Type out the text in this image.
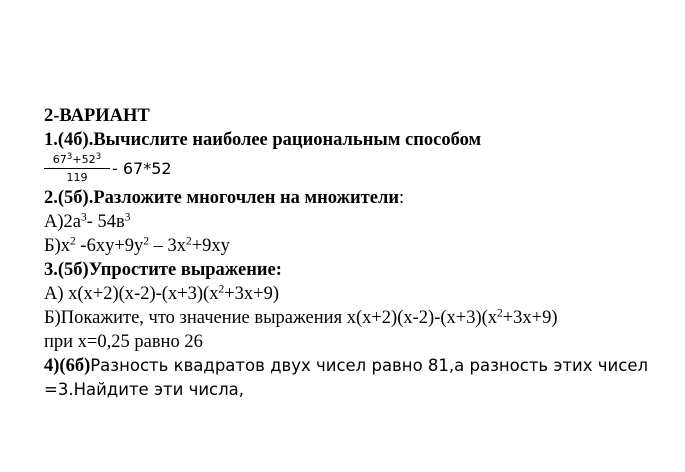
2-ВАРИАНТ
1.(4б).Вычислите наиболее рациональным способом
$\frac{67^3+52^3}{119} - 67*52$
2.(5б).Разложите многочлен на множители:
$А)2а^3-$ $54в^3$
$Б)x^2$ $-6xy+9y^2 - 3x^2+9xy$
3.(5б)Упростите выражение:
А) $x(x+2)(x-2)-(x+3)(x^2+3x+9)$
Б)Покажите, что значение выражения $x(x+2)(x-2)-(x+3)(x^2+3x+9)$
при x=0,25 равно 26
4)(6б)Разность квадратов двух чисел равно 81,а разность этих чисел
=3.Найдите эти числа,
